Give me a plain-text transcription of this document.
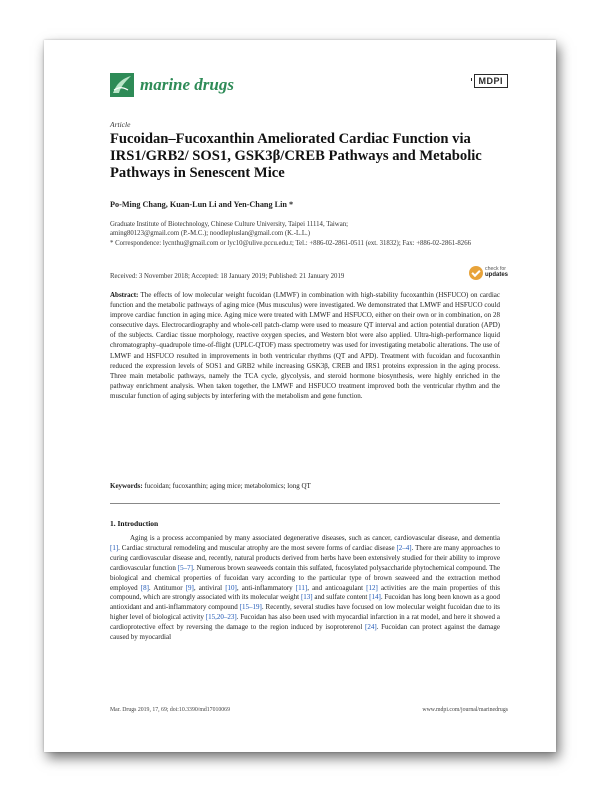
marine drugs	MDPI
Article
Fucoidan–Fucoxanthin Ameliorated Cardiac Function via IRS1/GRB2/ SOS1, GSK3β/CREB Pathways and Metabolic Pathways in Senescent Mice
Po-Ming Chang, Kuan-Lun Li and Yen-Chang Lin *

Graduate Institute of Biotechnology, Chinese Culture University, Taipei 11114, Taiwan;

aming80123@gmail.com (P.-M.C.); noodlepluslan@gmail.com (K.-L.L.)

* Correspondence: lycnthu@gmail.com or lyc10@ulive.pccu.edu.t; Tel.: +886-02-2861-0511 (ext. 31832); Fax: +886-02-2861-8266

Received: 3 November 2018; Accepted: 18 January 2019; Published: 21 January 2019
check for
updates
Abstract: The effects of low molecular weight fucoidan (LMWF) in combination with high-stability fucoxanthin (HSFUCO) on cardiac function and the metabolic pathways of aging mice (Mus musculus) were investigated. We demonstrated that LMWF and HSFUCO could improve cardiac function in aging mice. Aging mice were treated with LMWF and HSFUCO, either on their own or in combination, on 28 consecutive days. Electrocardiography and whole-cell patch-clamp were used to measure QT interval and action potential duration (APD) of the subjects. Cardiac tissue morphology, reactive oxygen species, and Western blot were also applied. Ultra-high-performance liquid chromatography–quadrupole time-of-flight (UPLC-QTOF) mass spectrometry was used for investigating metabolic alterations. The use of LMWF and HSFUCO resulted in improvements in both ventricular rhythms (QT and APD). Treatment with fucoidan and fucoxanthin reduced the expression levels of SOS1 and GRB2 while increasing GSK3β, CREB and IRS1 proteins expression in the aging process. Three main metabolic pathways, namely the TCA cycle, glycolysis, and steroid hormone biosynthesis, were highly enriched in the pathway enrichment analysis. When taken together, the LMWF and HSFUCO treatment improved both the ventricular rhythm and the muscular function of aging subjects by interfering with the metabolism and gene function.
Keywords: fucoidan; fucoxanthin; aging mice; metabolomics; long QT
1. Introduction
Aging is a process accompanied by many associated degenerative diseases, such as cancer, cardiovascular disease, and dementia [1]. Cardiac structural remodeling and muscular atrophy are the most severe forms of cardiac disease [2–4]. There are many approaches to curing cardiovascular disease and, recently, natural products derived from herbs have been extensively studied for their ability to improve cardiovascular function [5–7]. Numerous brown seaweeds contain this sulfated, fucosylated polysaccharide phytochemical compound. The biological and chemical properties of fucoidan vary according to the particular type of brown seaweed and the extraction method employed [8]. Antitumor [9], antiviral [10], anti-inflammatory [11], and anticoagulant [12] activities are the main properties of this compound, which are strongly associated with its molecular weight [13] and sulfate content [14]. Fucoidan has long been known as a good antioxidant and anti-inflammatory compound [15–19]. Recently, several studies have focused on low molecular weight fucoidan due to its higher level of biological activity [15,20–23]. Fucoidan has also been used with myocardial infarction in a rat model, and here it showed a cardioprotective effect by reversing the damage to the region induced by isoproterenol [24]. Fucoidan can protect against the damage caused by myocardial
Mar. Drugs 2019, 17, 69; doi:10.3390/md17010069	www.mdpi.com/journal/marinedrugs
